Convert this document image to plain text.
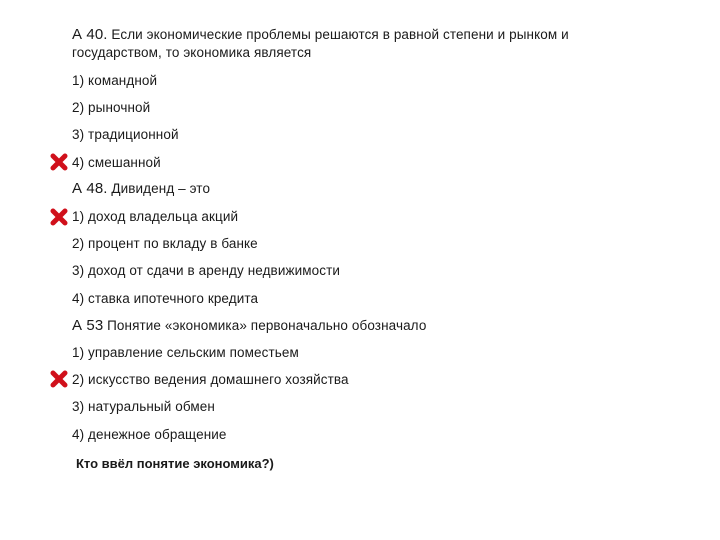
А 40. Если экономические проблемы решаются в равной степени и рынком и государством, то экономика является
1) командной
2) рыночной
3) традиционной
4) смешанной
А 48. Дивиденд – это
1) доход владельца акций
2) процент по вкладу в банке
3) доход от сдачи в аренду недвижимости
4) ставка ипотечного кредита
А 53 Понятие «экономика» первоначально обозначало
1) управление сельским поместьем
2) искусство ведения домашнего хозяйства
3) натуральный обмен
4) денежное обращение
Кто ввёл понятие экономика?)
